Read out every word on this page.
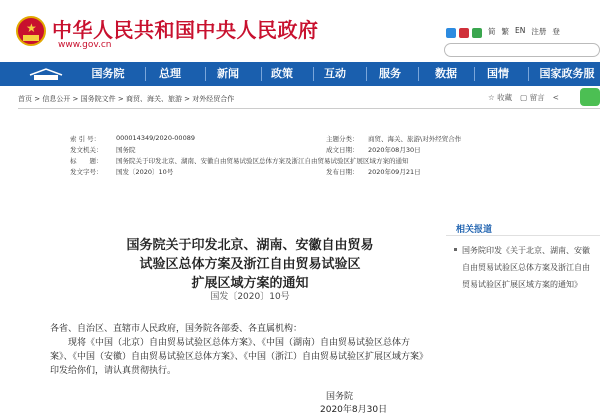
★ 中华人民共和国中央人民政府
www.gov.cn
简 繁 EN 注册 登
国务院	总理	新闻	政策	互动	服务	数据	国情	国家政务服
首页 > 信息公开 > 国务院文件 > 商贸、海关、旅游 > 对外经贸合作	☆ 收藏 ▢ 留言 <
索 引 号：	000014349/2020-00089	主题分类：	商贸、海关、旅游\对外经贸合作
发文机关：	国务院	成文日期：	2020年08月30日
标　　题：	国务院关于印发北京、湖南、安徽自由贸易试验区总体方案及浙江自由贸易试验区扩展区域方案的通知
发文字号：	国发〔2020〕10号	发布日期：	2020年09月21日
国务院关于印发北京、湖南、安徽自由贸易
试验区总体方案及浙江自由贸易试验区
扩展区域方案的通知
国发〔2020〕10号
各省、自治区、直辖市人民政府，国务院各部委、各直属机构：
现将《中国（北京）自由贸易试验区总体方案》、《中国（湖南）自由贸易试验区总体方案》、《中国（安徽）自由贸易试验区总体方案》、《中国（浙江）自由贸易试验区扩展区域方案》印发给你们，请认真贯彻执行。
国务院
2020年8月30日
相关报道
国务院印发《关于北京、湖南、安徽自由贸易试验区总体方案及浙江自由贸易试验区扩展区域方案的通知》
